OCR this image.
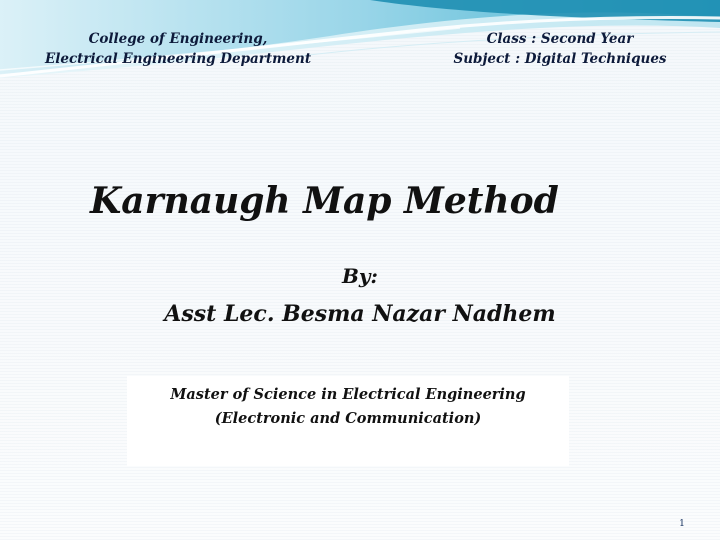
College of Engineering,
Electrical Engineering Department
Class : Second Year
Subject : Digital Techniques
Karnaugh Map Method
By:
Asst Lec. Besma Nazar Nadhem
Master of Science in Electrical Engineering
(Electronic and Communication)
1
